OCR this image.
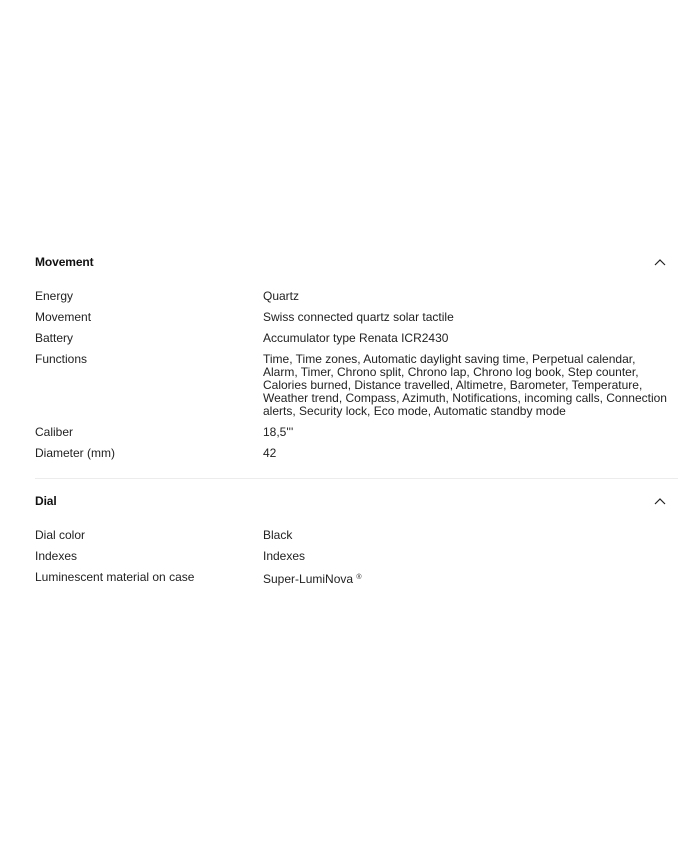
Movement
Energy	Quartz
Movement	Swiss connected quartz solar tactile
Battery	Accumulator type Renata ICR2430
Functions	Time, Time zones, Automatic daylight saving time, Perpetual calendar, Alarm, Timer, Chrono split, Chrono lap, Chrono log book, Step counter, Calories burned, Distance travelled, Altimetre, Barometer, Temperature, Weather trend, Compass, Azimuth, Notifications, incoming calls, Connection alerts, Security lock, Eco mode, Automatic standby mode
Caliber	18,5'''
Diameter (mm)	42
Dial
Dial color	Black
Indexes	Indexes
Luminescent material on case	Super-LumiNova ®
